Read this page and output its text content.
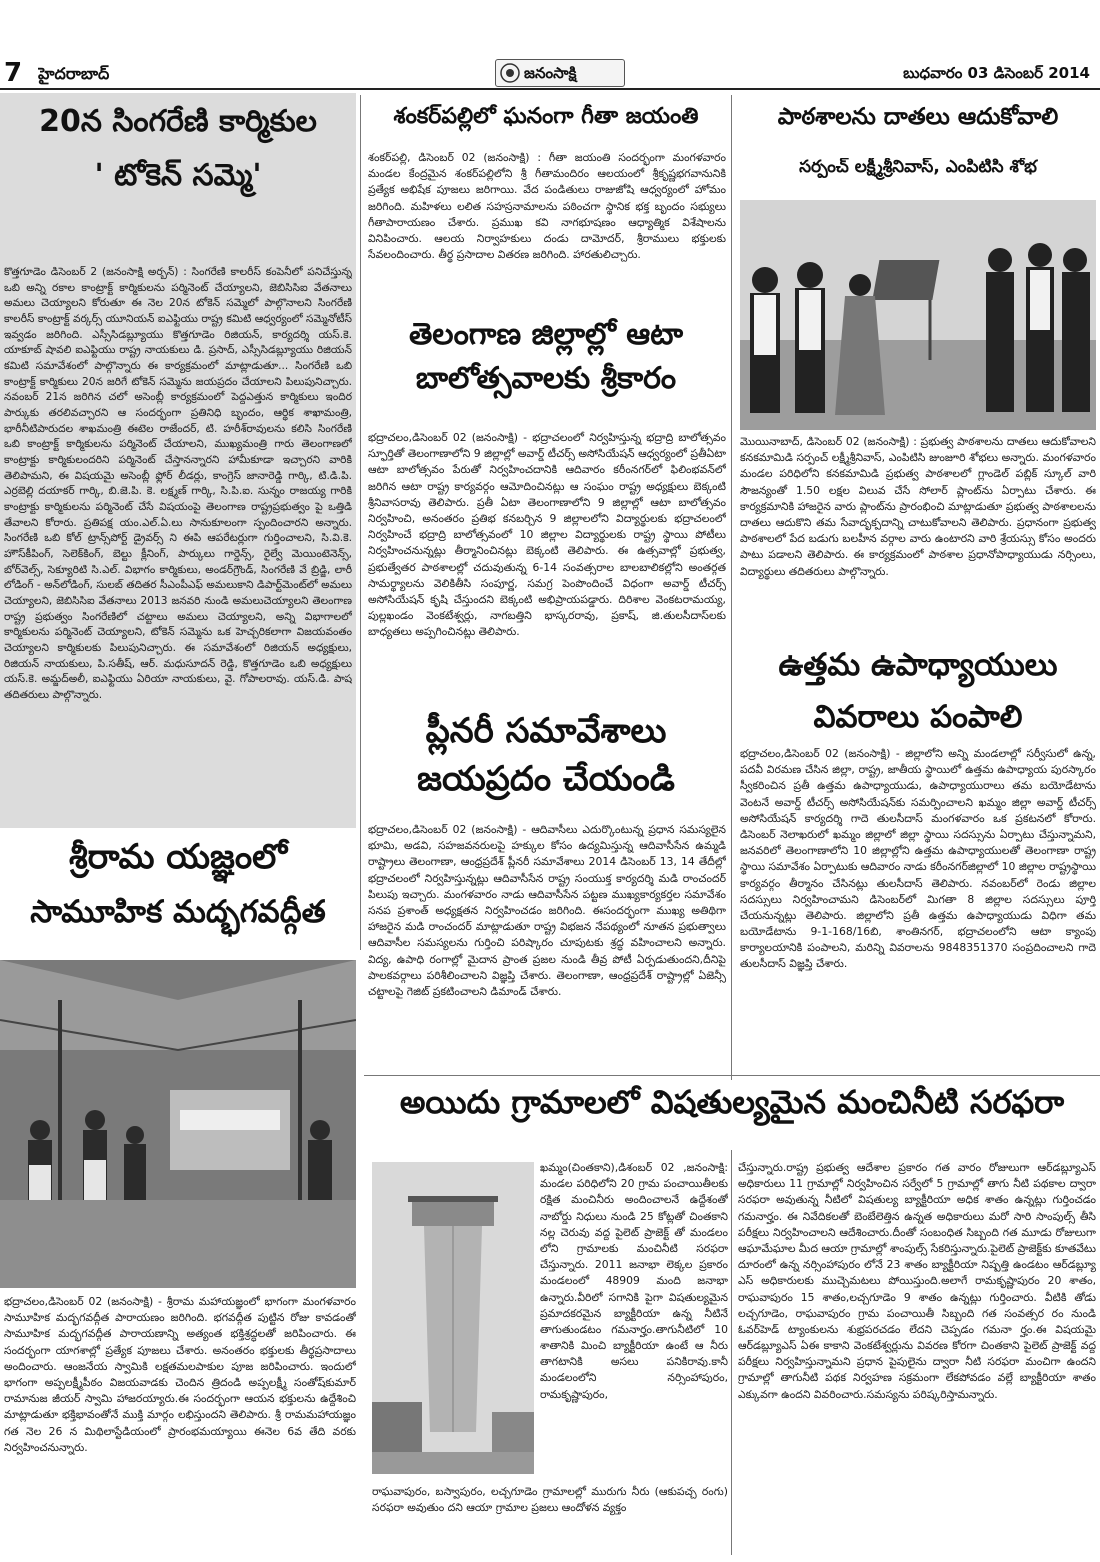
7 హైదరాబాద్	జనంసాక్షి	బుధవారం 03 డిసెంబర్ 2014
20న సింగరేణి కార్మికుల
' టోకెన్ సమ్మె'
కొత్తగూడెం డిసెంబర్ 2 (జనంసాక్షి అర్బన్) : సింగరేణి కాలరీస్ కంపెనీలో పనిచేస్తున్న ఒబి అన్ని రకాల కాంట్రాక్ట్ కార్మికులను పర్మినెంట్ చేయ్యాలని, జెబిసిసిఐ వేతనాలు అమలు చెయ్యాలని కోరుతూ ఈ నెల 20న టోకెన్ సమ్మెలో పాల్గొనాలని సింగరేణి కాలరీస్ కాంట్రాక్ట్ వర్కర్స్ యూనియన్ ఐఎఫ్టియు రాష్ట్ర కమిటి ఆధ్వర్యంలో సమ్మెనోటీస్ ఇవ్వడం జరిగింది. ఎస్సీసిడబ్ల్యూయు కొత్తగూడెం రిజియన్, కార్యదర్శి యస్.కె. యాకూబ్ షావలి ఐఎఫ్టియు రాష్ట్ర నాయకులు డి. ప్రసాద్, ఎస్సీసిడబ్ల్యూయు రిజియన్ కమిటి సమావేశంలో పాల్గొన్నారు ఈ కార్యక్రమంలో మాట్లాడుతూ... సింగరేణి ఒబి కాంట్రాక్ట్ కార్మికులు 20న జరిగే టోకెన్ సమ్మెను జయప్రదం చేయాలని పిలుపునిచ్చారు. నవంబర్ 21న జరిగిన చలో అసెంబ్లీ కార్యక్రమంలో పెద్దఎత్తున కార్మికులు ఇందిర పార్కుకు తరలివచ్చారని ఆ సందర్భంగా ప్రతినిధి బృందం, ఆర్థిక శాఖామంత్రి, భారీనీటిపారుదల శాఖమంత్రి ఈటెల రాజేందర్, టి. హరీశ్‌రావులను కలిసి సింగరేణి ఒబి కాంట్రాక్ట్ కార్మికులను పర్మినెంట్ చేయాలని, ముఖ్యమంత్రి గారు తెలంగాణలో కాంట్రాక్టు కార్మికులందరిని పర్మినెంట్ చేస్తానన్నారని హామీకూడా ఇచ్చారని వారికి తెలిపామని, ఈ విషయమై అసెంబ్లీ ఫ్లోర్ లీడర్లు, కాంగ్రెస్ జానారెడ్డి గార్కి, టి.డి.పి. ఎర్రబెల్లి దయాకర్ గార్కి, బి.జె.పి. కె. లక్ష్మణ్ గార్కి, సి.పి.ఐ. సున్నం రాజయ్య గారికి కాంట్రాక్టు కార్మికులను పర్మినెంట్ చేసే విషయంపై తెలంగాణ రాష్ట్రప్రభుత్వం పై ఒత్తిడి తేవాలని కోరారు. ప్రతిపక్ష యం.ఎల్.ఏ.లు సానుకూలంగా స్పందించారని అన్నారు. సింగరేణి ఒబి కోల్ ట్రాన్స్‌పోర్ట్ డ్రైవర్స్ ని ఈపి ఆపరేటర్లుగా గుర్తించాలని, సి.వి.కె. హౌస్‌కీపింగ్, సెలెక్‌కింగ్, బెల్టు క్లీనింగ్, పార్కులు గార్డెన్స్, రైల్వే మెయింటెనెన్స్, బోర్‌వెల్స్, సెక్యూరిటి సి.ఎల్. విభాగం కార్మికులు, అండర్‌గ్రౌండ్, సింగరేణి వే బ్రిడ్జి, లారీ లోడింగ్ - అన్‌లోడింగ్, సులబ్ తదితర సీఎంపీఎఫ్ అమలుకాని డిపార్ట్‌మెంట్‌లో అమలు చెయ్యాలని, జెబిసిసిఐ వేతనాలు 2013 జనవరి నుండి అమలుచెయ్యాలని తెలంగాణ రాష్ట్ర ప్రభుత్వం సింగరేణిలో చట్టాలు అమలు చెయ్యాలని, అన్ని విభాగాలలో కార్మికులను పర్మినెంట్ చెయ్యాలని, టోకెన్ సమ్మెను ఒక హెచ్చరికలాగా విజయవంతం చెయ్యాలని కార్మికులకు పిలుపునిచ్చారు. ఈ సమావేశంలో రిజియన్ అధ్యక్షులు, రిజియన్ నాయకులు, పి.సతీష్, ఆర్. మధుసూదన్ రెడ్డి, కొత్తగూడెం ఒబి అధ్యక్షులు యస్.కె. అమ్జద్‌అలీ, ఐఎఫ్టియు ఏరియా నాయకులు, వై. గోపాలరావు. యస్.డి. పాష తదితరులు పాల్గొన్నారు.
శ్రీరామ యజ్ఞంలో
సామూహిక మద్భగవద్గీత
భద్రాచలం,డిసెంబర్ 02 (జనంసాక్షి) - శ్రీరామ మహాయజ్ఞంలో భాగంగా మంగళవారం సామూహిక మద్భగవద్గీత పారాయణం జరిగింది. భగవద్గీత పుట్టిన రోజు కావడంతో సామూహిక మద్భగవద్గీత పారాయణాన్ని అత్యంత భక్తిశ్రద్ధలతో జరిపించారు. ఈ సందర్భంగా యాగశాల్లో ప్రత్యేక పూజలు చేశారు. అనంతరం భక్తులకు తీర్థప్రసాదాలు అందించారు. ఆంజనేయ స్వామికి లక్షతమలపాకుల పూజ జరిపించారు. ఇందులో భాగంగా అప్పలక్ష్మీపీఠం విజయవాడకు చెందిన త్రిదండి అప్పలక్ష్మీ సంతోష్‌కుమార్ రామానుజ జీయర్ స్వామి హాజరయ్యారు.ఈ సందర్భంగా ఆయన భక్తులను ఉద్దేశించి మాట్లాడుతూ భక్తిభావంతోనే ముక్తి మార్గం లభిస్తుందని తెలిపారు. శ్రీ రామమహాయజ్ఞం గత నెల 26 న మిథిలాస్టేడియంలో ప్రారంభమయ్యాయి ఈనెల 6వ తేది వరకు నిర్వహించనున్నారు.
శంకర్‌పల్లిలో ఘనంగా గీతా జయంతి
శంకర్‌పల్లి, డిసెంబర్ 02 (జనంసాక్షి) : గీతా జయంతి సందర్భంగా మంగళవారం మండల కేంద్రమైన శంకర్‌పల్లిలోని శ్రీ గీతామందిరం ఆలయంలో శ్రీకృష్ణభగవానునికి ప్రత్యేక అభిషేక పూజలు జరిగాయి. వేద పండితులు రాజుజోషి ఆధ్వర్యంలో హోమం జరిగింది. మహిళలు లలిత సహస్రనామాలను పఠించగా స్థానిక భక్త బృందం సభ్యులు గీతాపారాయణం చేశారు. ప్రముఖ కవి నాగభూషణం ఆధ్యాత్మిక విశేషాలను వినిపించారు. ఆలయ నిర్వాహకులు దండు దామోదర్, శ్రీరాములు భక్తులకు సేవలందించారు. తీర్థ ప్రసాదాల వితరణ జరిగింది. హారతులిచ్చారు.
తెలంగాణ జిల్లాల్లో ఆటా
బాలోత్సవాలకు శ్రీకారం
భద్రాచలం,డిసెంబర్ 02 (జనంసాక్షి) - భద్రాచలంలో నిర్వహిస్తున్న భద్రాద్రి బాలోత్సవం స్ఫూర్తితో తెలంగాణాలోని 9 జిల్లాల్లో అవార్డ్ టీచర్స్ అసోసియేషన్ ఆధ్వర్యంలో ప్రతీఏటా ఆటా బాలోత్సవం పేరుతో నిర్వహించదానికి ఆదివారం కరీంనగర్‌లో ఫిలింభవన్‌లో జరిగిన ఆటా రాష్ట్ర కార్యవర్గం ఆమోదించినట్లు ఆ సంఘం రాష్ట్ర అధ్యక్షులు బెక్కంటి శ్రీనివాసరావు తెలిపారు. ప్రతీ ఏటా తెలంగాణాలోని 9 జిల్లాల్లో ఆటా బాలోత్సవం నిర్వహించి, అనంతరం ప్రతిభ కనబర్చిన 9 జిల్లాలలోని విద్యార్థులకు భద్రాచలంలో నిర్వహించే భద్రాద్రి బాలోత్సవంలో 10 జిల్లాల విద్యార్థులకు రాష్ట్ర స్థాయి పోటీలు నిర్వహించనున్నట్లు తీర్మానించినట్లు బెక్కంటి తెలిపారు. ఈ ఉత్సవాల్లో ప్రభుత్వ, ప్రభుత్వేతర పాఠశాలల్లో చదువుతున్న 6-14 సంవత్సరాల బాలబాలికల్లోని అంతర్గత సామర్థ్యాలను వెలికితీసి సంపూర్ణ, సమగ్ర పెంపొందించే విధంగా అవార్డ్ టీచర్స్ అసోసియేషన్ కృషి చేస్తుందని బెక్కంటి అభిప్రాయపడ్డారు. దిరిశాల వెంకటరామయ్య, పుల్లఖండం వెంకటేశ్వర్లు, నాగబత్తిని భాస్కరరావు, ప్రకాష్, జి.తులసీదాస్‌లకు బాధ్యతలు అప్పగించినట్లు తెలిపారు.
ప్లీనరీ సమావేశాలు
జయప్రదం చేయండి
భద్రాచలం,డిసెంబర్ 02 (జనంసాక్షి) - ఆదివాసీలు ఎదుర్కొంటున్న ప్రధాన సమస్యలైన భూమి, అడవి, సహజవనరులపై హక్కుల కోసం ఉద్యమిస్తున్న ఆదివాసీసేన ఉమ్మడి రాష్ట్రాలు తెలంగాణా, ఆంధ్రప్రదేశ్ ప్లీనరీ సమావేశాలు 2014 డిసెంబర్ 13, 14 తేదీల్లో భద్రాచలంలో నిర్వహిస్తున్నట్లు ఆదివాసీసేన రాష్ట్ర సంయుక్త కార్యదర్శి మడి రాంచందర్ పిలుపు ఇచ్చారు. మంగళవారం నాడు ఆదివాసీసేన పట్టణ ముఖ్యకార్యకర్తల సమావేశం సనప ప్రశాంత్ అధ్యక్షతన నిర్వహించడం జరిగింది. ఈసందర్భంగా ముఖ్య అతిథిగా హాజరైన మడి రాంచందర్ మాట్లాడుతూ రాష్ట్ర విభజన నేపథ్యంలో నూతన ప్రభుత్వాలు ఆదివాసీల సమస్యలను గుర్తించి పరిష్కారం చూపుటకు శ్రద్ధ వహించాలని అన్నారు. విద్య, ఉపాధి రంగాల్లో మైదాన ప్రాంత ప్రజల నుండి తీవ్ర పోటీ ఏర్పడుతుందని,దీనిపై పాలకవర్గాలు పరిశీలించాలని విజ్ఞప్తి చేశారు. తెలంగాణా, ఆంధ్రప్రదేశ్ రాష్ట్రాల్లో ఏజెన్సీ చట్టాలపై గెజిట్ ప్రకటించాలని డిమాండ్ చేశారు.
పాఠశాలను దాతలు ఆదుకోవాలి
సర్పంచ్ లక్ష్మీశ్రీనివాస్, ఎంపిటిసి శోభ
మొయినాబాద్, డిసెంబర్ 02 (జనంసాక్షి) : ప్రభుత్వ పాఠశాలను దాతలు ఆదుకోవాలని కనకమామిడి సర్పంచ్ లక్ష్మీశ్రీనివాస్, ఎంపిటిసి జుంజూరి శోభలు అన్నారు. మంగళవారం మండల పరిధిలోని కనకమామిడి ప్రభుత్వ పాఠశాలలో గ్లాండెల్ పబ్లిక్ స్కూల్ వారి సౌజన్యంతో 1.50 లక్షల విలువ చేసే సోలార్ ప్లాంట్‌ను ఏర్పాటు చేశారు. ఈ కార్యక్రమానికి హాజరైన వారు ప్లాంట్‌ను ప్రారంభించి మాట్లాడుతూ ప్రభుత్వ పాఠశాలలను దాతలు ఆదుకొని తమ సేవాదృక్పదాన్ని చాటుకోవాలని తెలిపారు. ప్రధానంగా ప్రభుత్వ పాఠశాలలో పేద బడుగు బలహీన వర్గాల వారు ఉంటారని వారి శ్రేయస్సు కోసం అందరు పాటు పడాలని తెలిపారు. ఈ కార్యక్రమంలో పాఠశాల ప్రధానోపాధ్యాయుడు నర్సింలు, విద్యార్థులు తదితరులు పాల్గొన్నారు.
ఉత్తమ ఉపాధ్యాయులు
వివరాలు పంపాలి
భద్రాచలం,డిసెంబర్ 02 (జనంసాక్షి) - జిల్లాలోని అన్ని మండలాల్లో సర్వీసులో ఉన్న, పదవీ విరమణ చేసిన జిల్లా, రాష్ట్ర, జాతీయ స్థాయిలో ఉత్తమ ఉపాధ్యాయ పురస్కారం స్వీకరించిన ప్రతీ ఉత్తమ ఉపాధ్యాయుడు, ఉపాధ్యాయురాలు తమ బయోడేటాను వెంటనే అవార్డ్ టీచర్స్ అసోసియేషన్‌కు సమర్పించాలని ఖమ్మం జిల్లా అవార్డ్ టీచర్స్ అసోసియేషన్ కార్యదర్శి గాదె తులసీదాస్ మంగళవారం ఒక ప్రకటనలో కోరారు. డిసెంబర్ నెలాఖరులో ఖమ్మం జిల్లాలో జిల్లా స్థాయి సదస్సును ఏర్పాటు చేస్తున్నామని, జనవరిలో తెలంగాణాలోని 10 జిల్లాల్లోని ఉత్తమ ఉపాధ్యాయులతో తెలంగాణా రాష్ట్ర స్థాయి సమావేశం ఏర్పాటుకు ఆదివారం నాడు కరీంనగర్‌జిల్లాలో 10 జిల్లాల రాష్ట్రస్థాయి కార్యవర్గం తీర్మానం చేసినట్లు తులసీదాస్ తెలిపారు. నవంబర్‌లో రెండు జిల్లాల సదస్సులు నిర్వహించామని డిసెంబర్‌లో మిగతా 8 జిల్లాల సదస్సులు పూర్తి చేయనున్నట్లు తెలిపారు. జిల్లాలోని ప్రతీ ఉత్తమ ఉపాధ్యాయుడు విధిగా తమ బయోడేటాను 9-1-168/16బి, శాంతినగర్, భద్రాచలంలోని ఆటా క్యాంపు కార్యాలయానికి పంపాలని, మరిన్ని వివరాలను 9848351370 సంప్రదించాలని గాదె తులసీదాస్ విజ్ఞప్తి చేశారు.
అయిదు గ్రామాలలో విషతుల్యమైన మంచినీటి సరఫరా
ఖమ్మం(చింతకాని),డిశంబర్ 02 ,జనంసాక్షి: మండల పరిధిలోని 20 గ్రామ పంచాయితీలకు రక్షిత మంచినీరు అందించాలనే ఉద్దేశంతో నాబోర్డు నిధులు నుండి 25 కోట్లతో చింతకాని నల్ల చెరువు వద్ద పైలెట్ ప్రాజెక్ట్ తో మండలం లోని గ్రామాలకు మంచినీటి సరఫరా చేస్తున్నారు. 2011 జనాభా లెక్కల ప్రకారం మండలంలో 48909 మంది జనాభా ఉన్నారు.వీరిలో సగానికి పైగా విషతుల్యమైన ప్రమాదకరమైన బ్యాక్టీరియా ఉన్న నీటినే తాగుతుండటం గమనార్హం.తాగునీటిలో 10 శాతానికి మించి బ్యాక్టీరియా ఉంటే ఆ నీరు తాగటానికి అసలు పనికిరావు.కానీ మండలంలోని నర్సింహాపురం, రామకృష్ణాపురం,
రాఘవాపురం, బస్వాపురం, లచ్చగూడెం గ్రామాలల్లో మురుగు నీరు (ఆకుపచ్చ రంగు) సరఫరా అవుతుం దని ఆయా గ్రామాల ప్రజలు ఆందోళన వ్యక్తం
చేస్తున్నారు.రాష్ట్ర ప్రభుత్వ ఆదేశాల ప్రకారం గత వారం రోజులుగా ఆర్‌డబ్ల్యూఎస్ అధికారులు 11 గ్రామాల్లో నిర్వహించిన సర్వేలో 5 గ్రామాల్లో తాగు నీటి పథకాల ద్వారా సరఫరా అవుతున్న నీటిలో విషతుల్య బ్యాక్టీరియా అధిక శాతం ఉన్నట్లు గుర్తించడం గమనార్హం. ఈ నివేదికలతో బెంబేలెత్తిన ఉన్నత అధికారులు మరో సారి సాంపుల్స్ తీసి పరీక్షలు నిర్వహించాలని ఆదేశించారు.దీంతో సంబంధిత సిబ్బంది గత మూడు రోజులుగా ఆఘామేఘాల మీద ఆయా గ్రామాల్లో శాంపుల్స్ సేకరిస్తున్నారు.పైలెట్ ప్రాజెక్ట్‌కు కూతవేటు దూరంలో ఉన్న నర్సింహాపురం లోనే 23 శాతం బ్యాక్టీరియా నిష్పత్తి ఉండటం ఆర్‌డబ్ల్యూ ఎస్ అధికారులకు ముచ్చెమటలు పోయిస్తుంది.అలాగే రామకృష్ణాపురం 20 శాతం, రాఘవాపురం 15 శాతం,లచ్చగూడెం 9 శాతం ఉన్నట్లు గుర్తించారు. వీటికి తోడు లచ్చగూడెం, రాఘవాపురం గ్రామ పంచాయితీ సిబ్బంది గత సంవత్సర రం నుండి ఓవర్‌హెడ్ ట్యాంకులను శుభ్రపరచడం లేదని చెప్పడం గమనా ర్హం.ఈ విషయమై ఆర్‌డబ్ల్యూఎస్ ఏఈ కాకాని వెంకటేశ్వర్లును వివరణ కోరగా చింతకాని పైలెట్ ప్రాజెక్ట్ వద్ద పరీక్షలు నిర్వహిస్తున్నామని ప్రధాన పైపులైను ద్వారా నీటి సరఫరా మంచిగా ఉందని గ్రామాల్లో తాగునీటి పథక నిర్వహణ సక్రమంగా లేకపోవడం వల్లే బ్యాక్టీరియా శాతం ఎక్కువగా ఉందని వివరించారు.సమస్యను పరిష్కరిస్తామన్నారు.
